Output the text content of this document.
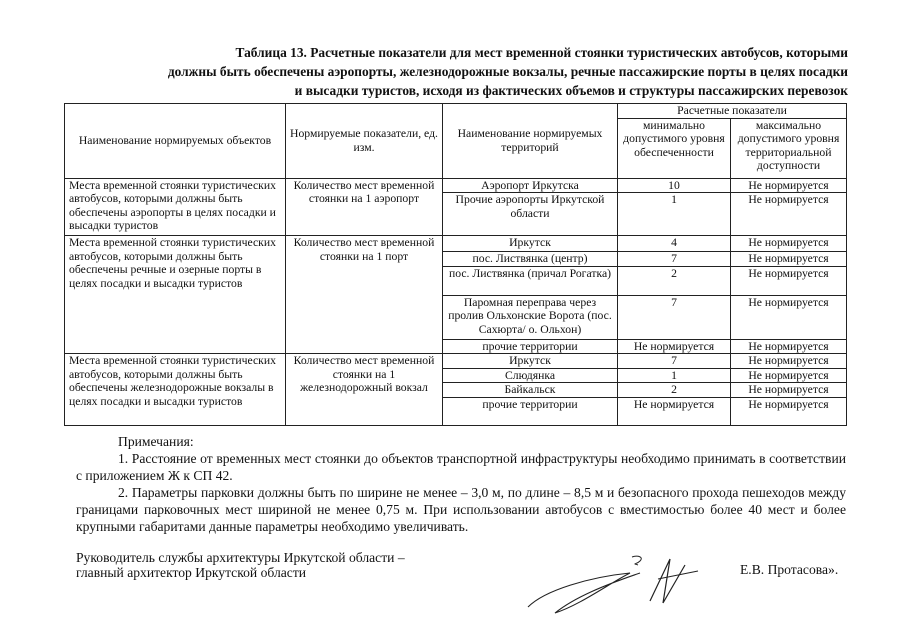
Таблица 13. Расчетные показатели для мест временной стоянки туристических автобусов, которыми
должны быть обеспечены аэропорты, железнодорожные вокзалы, речные пассажирские порты в целях посадки
и высадки туристов, исходя из фактических объемов и структуры пассажирских перевозок
Наименование нормируемых объектов	Нормируемые показатели, ед. изм.	Наименование нормируемых территорий	Расчетные показатели	
			минимально допустимого уровня обеспеченности	максимально допустимого уровня территориальной доступности
Места временной стоянки туристических автобусов, которыми должны быть обеспечены аэропорты в целях посадки и высадки туристов	Количество мест временной стоянки на 1 аэропорт	Аэропорт Иркутска	10	Не нормируется
		Прочие аэропорты Иркутской области	1	Не нормируется
Места временной стоянки туристических автобусов, которыми должны быть обеспечены речные и озерные порты в целях посадки и высадки туристов	Количество мест временной стоянки на 1 порт	Иркутск	4	Не нормируется
		пос. Листвянка (центр)	7	Не нормируется
		пос. Листвянка (причал Рогатка)	2	Не нормируется
		Паромная переправа через пролив Ольхонские Ворота (пос. Сахюрта/ о. Ольхон)	7	Не нормируется
		прочие территории	Не нормируется	Не нормируется
Места временной стоянки туристических автобусов, которыми должны быть обеспечены железнодорожные вокзалы в целях посадки и высадки туристов	Количество мест временной стоянки на 1 железнодорожный вокзал	Иркутск	7	Не нормируется
		Слюдянка	1	Не нормируется
		Байкальск	2	Не нормируется
		прочие территории	Не нормируется	Не нормируется

Примечания:

1. Расстояние от временных мест стоянки до объектов транспортной инфраструктуры необходимо принимать в соответствии с приложением Ж к СП 42.

2. Параметры парковки должны быть по ширине не менее – 3,0 м, по длине – 8,5 м и безопасного прохода пешеходов между границами парковочных мест шириной не менее 0,75 м. При использовании автобусов с вместимостью более 40 мест и более крупными габаритами данные параметры необходимо увеличивать.

Руководитель службы архитектуры Иркутской области –
главный архитектор Иркутской области	Е.В. Протасова».
